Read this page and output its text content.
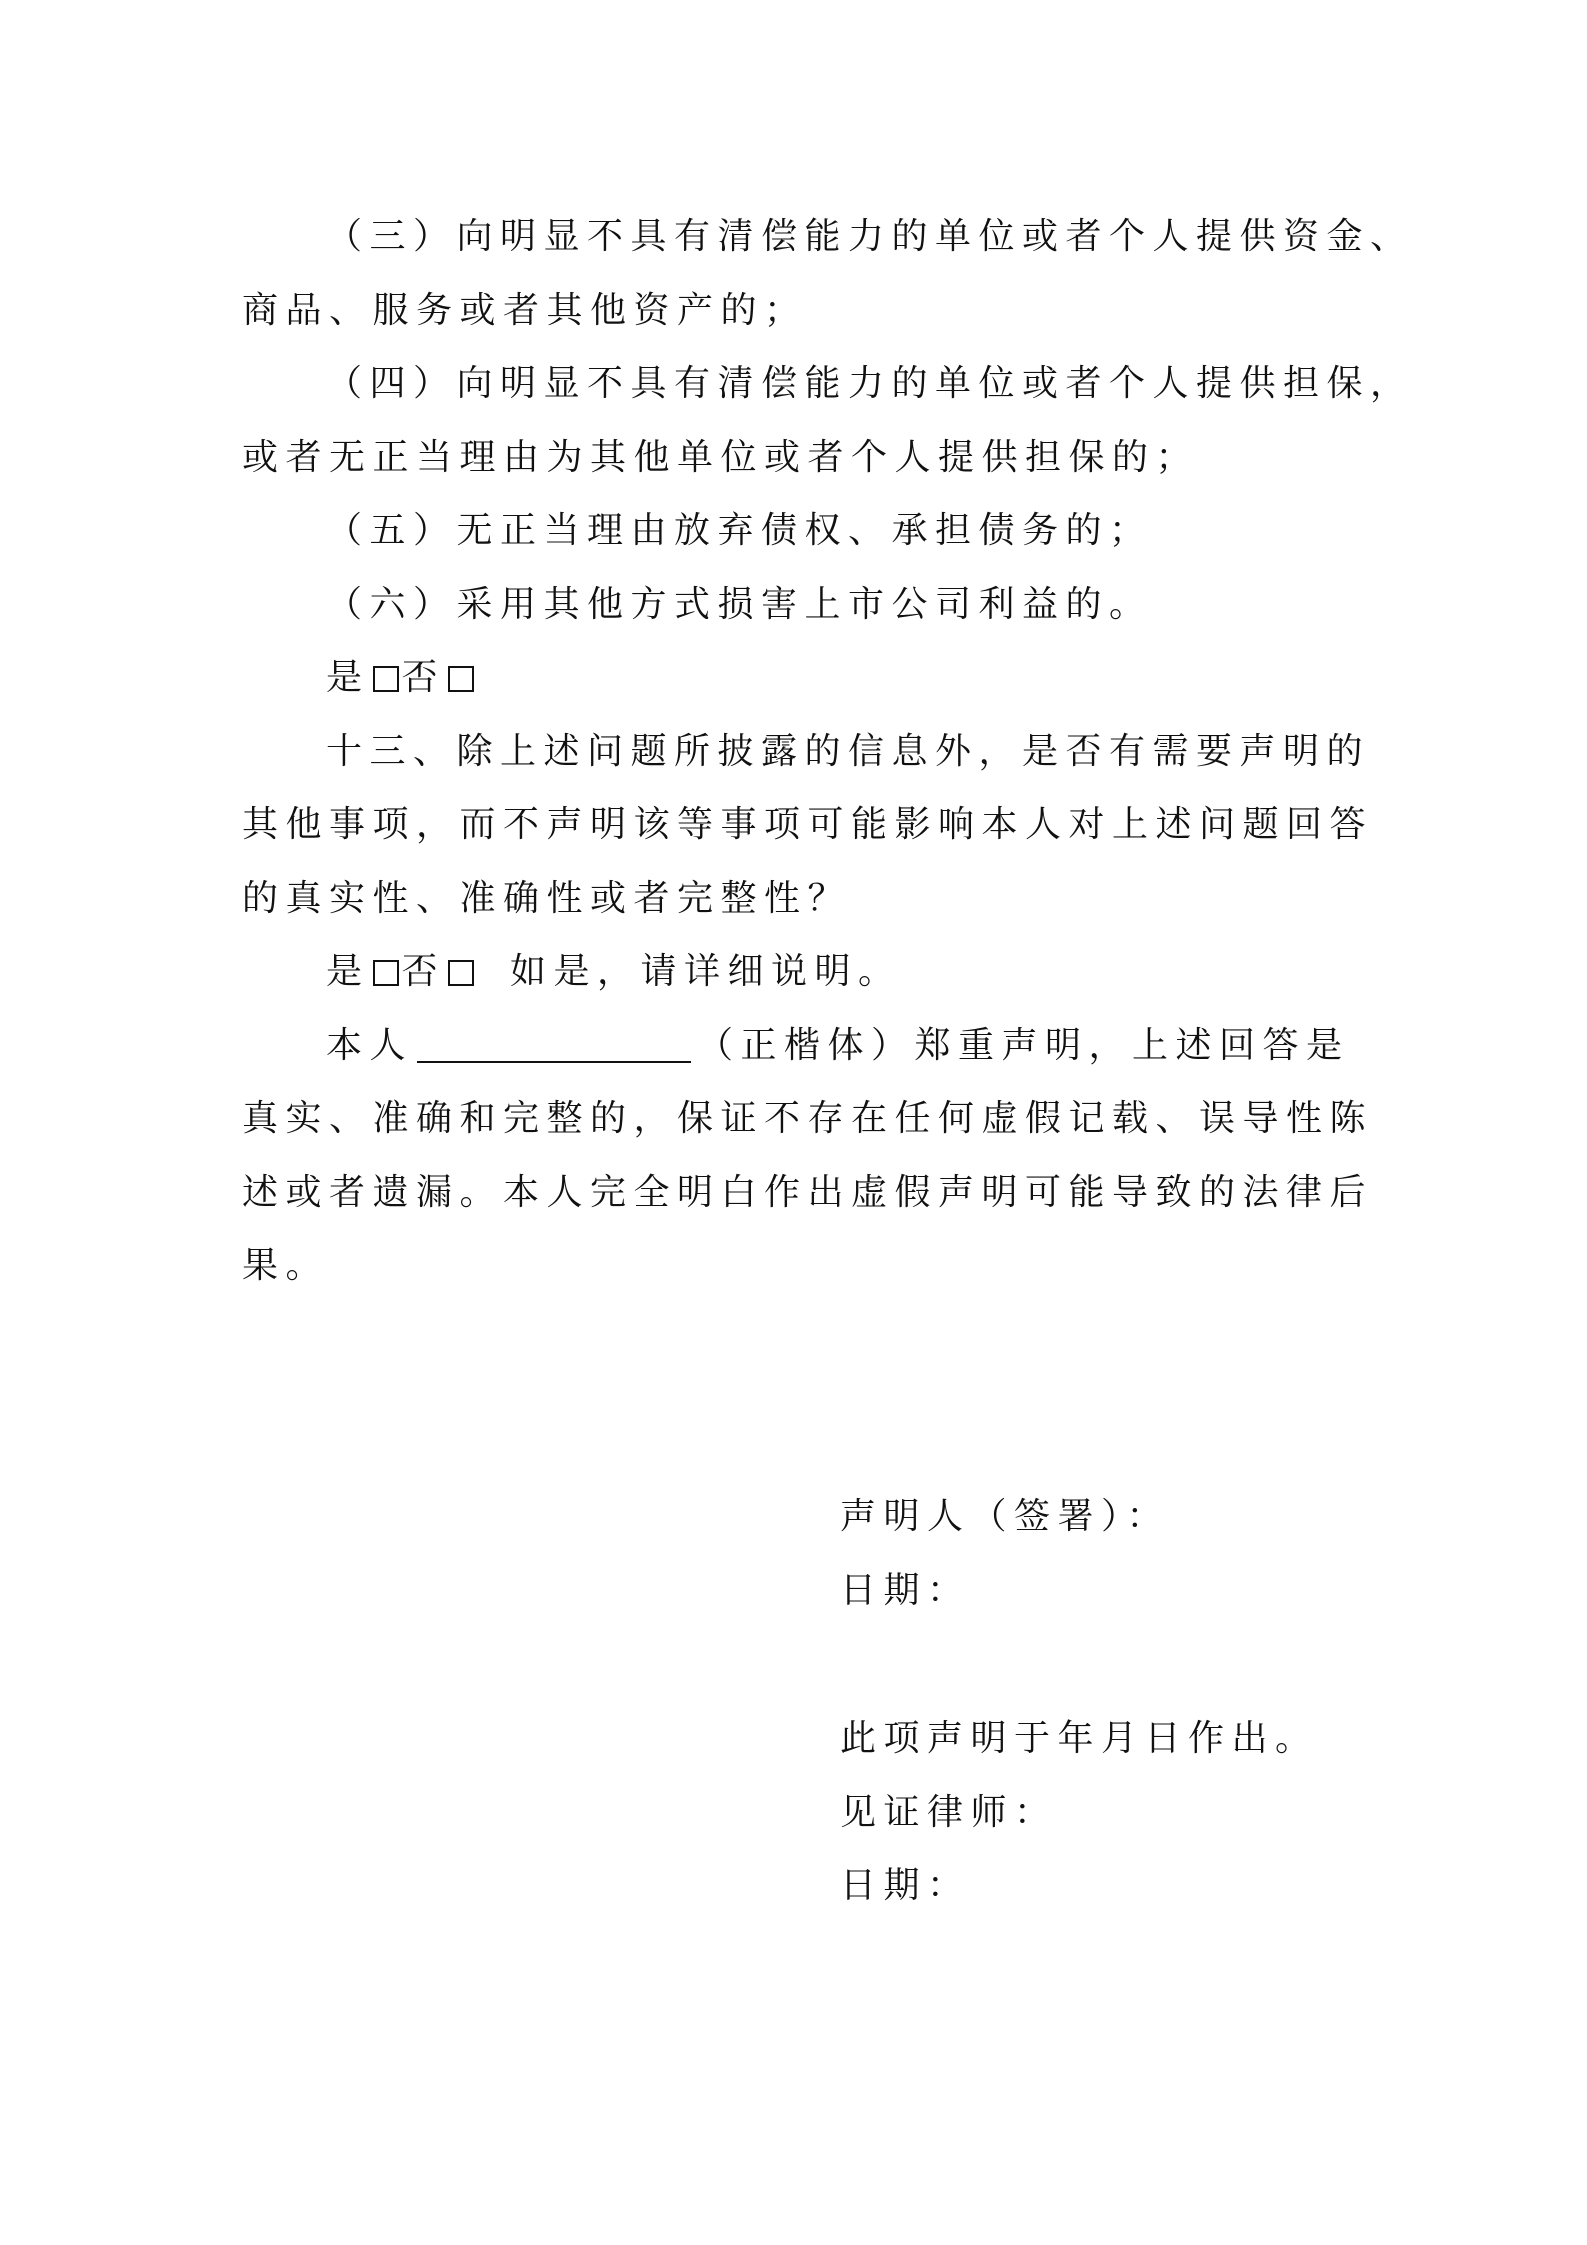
（三）向明显不具有清偿能力的单位或者个人提供资金、
商品、服务或者其他资产的；
（四）向明显不具有清偿能力的单位或者个人提供担保，
或者无正当理由为其他单位或者个人提供担保的；
（五）无正当理由放弃债权、承担债务的；
（六）采用其他方式损害上市公司利益的。
是 否
十三、除上述问题所披露的信息外，是否有需要声明的
其他事项，而不声明该等事项可能影响本人对上述问题回答
的真实性、准确性或者完整性？
是 否 如是，请详细说明。
本人	（正楷体）郑重声明，上述回答是
真实、准确和完整的，保证不存在任何虚假记载、误导性陈
述或者遗漏。本人完全明白作出虚假声明可能导致的法律后
果。
声明人（签署）：
日期：
此项声明于年月日作出。
见证律师：
日期：
